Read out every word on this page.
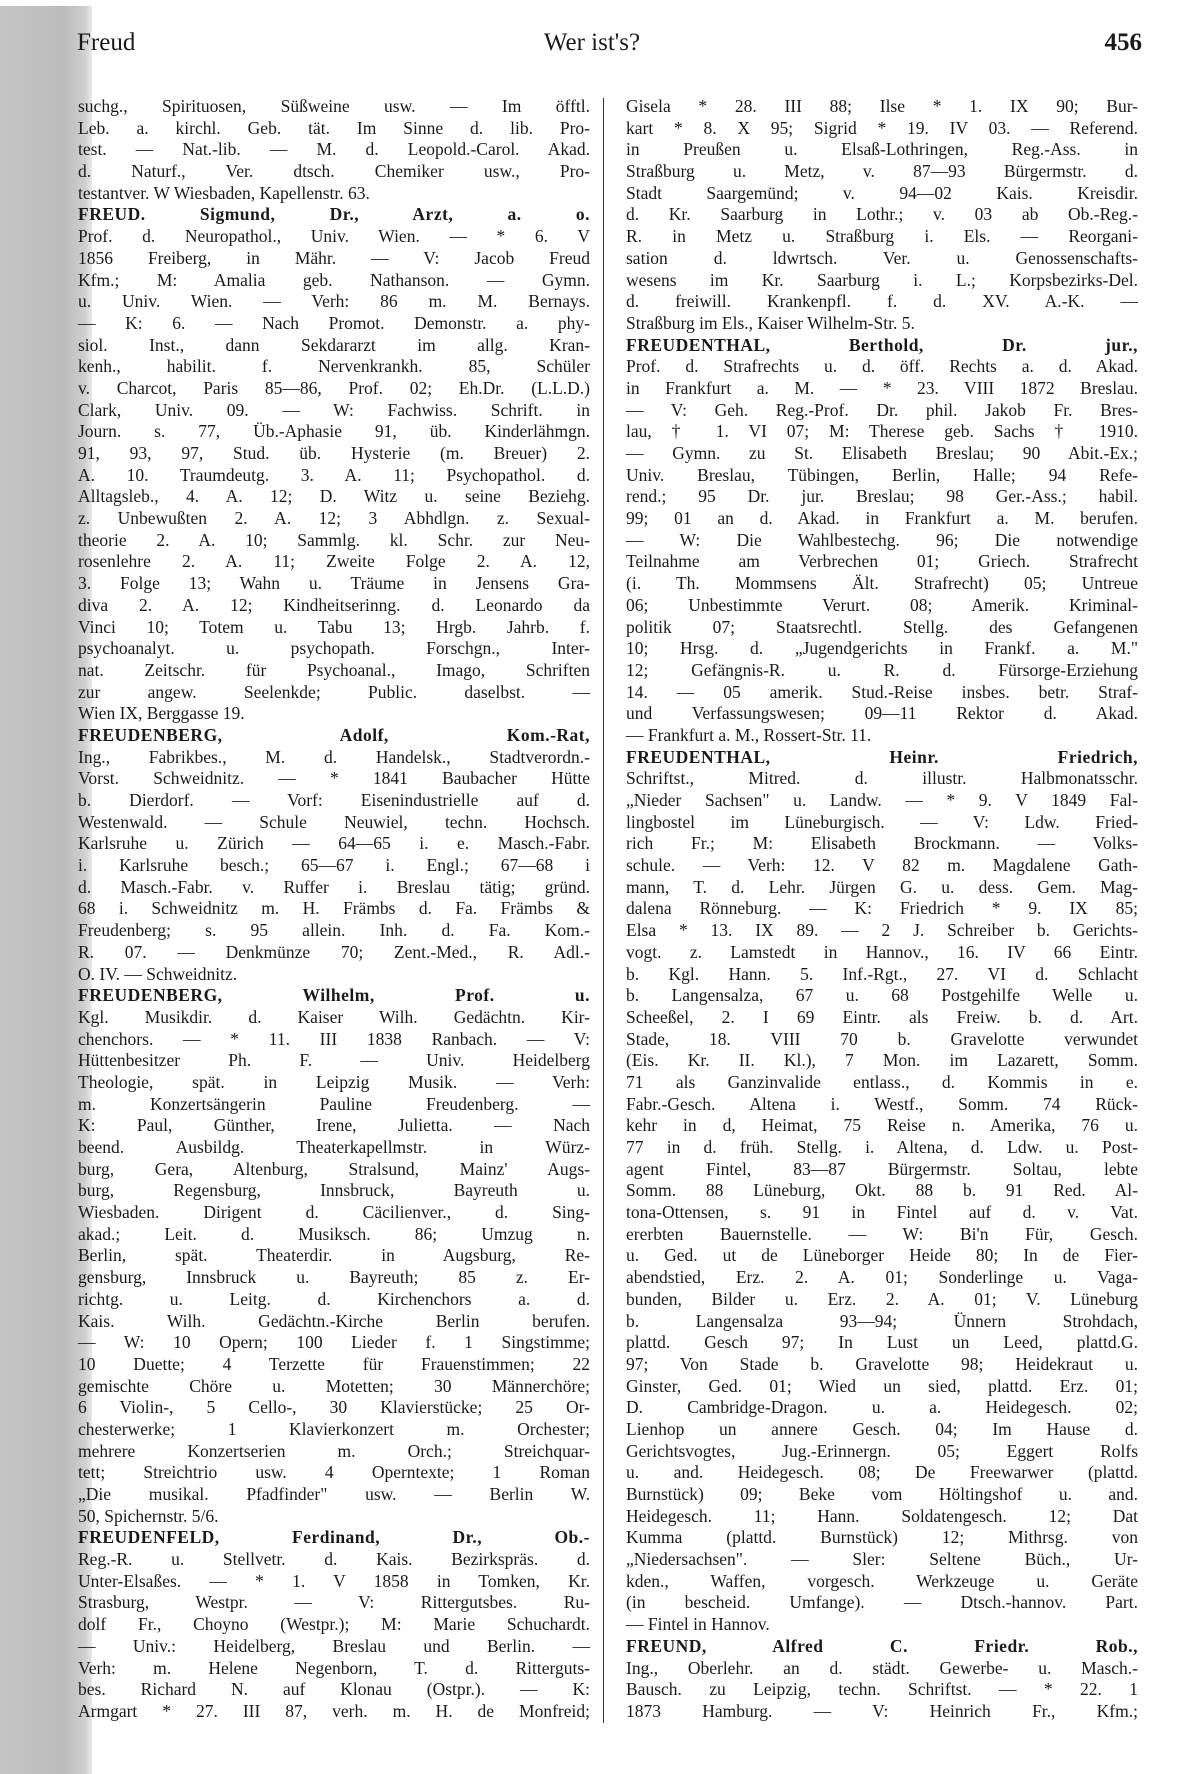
Wer ist's?
Freud	456
suchg., Spirituosen, Süßweine usw. — Im öfftl.
Leb. a. kirchl. Geb. tät. Im Sinne d. lib. Pro-
test. — Nat.-lib. — M. d. Leopold.-Carol. Akad.
d. Naturf., Ver. dtsch. Chemiker usw., Pro-
testantver. W Wiesbaden, Kapellenstr. 63.
FREUD. Sigmund, Dr., Arzt, a. o.
Prof. d. Neuropathol., Univ. Wien. — * 6. V
1856 Freiberg, in Mähr. — V: Jacob Freud
Kfm.; M: Amalia geb. Nathanson. — Gymn.
u. Univ. Wien. — Verh: 86 m. M. Bernays.
— K: 6. — Nach Promot. Demonstr. a. phy-
siol. Inst., dann Sekdararzt im allg. Kran-
kenh., habilit. f. Nervenkrankh. 85, Schüler
v. Charcot, Paris 85—86, Prof. 02; Eh.Dr. (L.L.D.)
Clark, Univ. 09. — W: Fachwiss. Schrift. in
Journ. s. 77, Üb.-Aphasie 91, üb. Kinderlähmgn.
91, 93, 97, Stud. üb. Hysterie (m. Breuer) 2.
A. 10. Traumdeutg. 3. A. 11; Psychopathol. d.
Alltagsleb., 4. A. 12; D. Witz u. seine Beziehg.
z. Unbewußten 2. A. 12; 3 Abhdlgn. z. Sexual-
theorie 2. A. 10; Sammlg. kl. Schr. zur Neu-
rosenlehre 2. A. 11; Zweite Folge 2. A. 12,
3. Folge 13; Wahn u. Träume in Jensens Gra-
diva 2. A. 12; Kindheitserinng. d. Leonardo da
Vinci 10; Totem u. Tabu 13; Hrgb. Jahrb. f.
psychoanalyt. u. psychopath. Forschgn., Inter-
nat. Zeitschr. für Psychoanal., Imago, Schriften
zur angew. Seelenkde; Public. daselbst. —
Wien IX, Berggasse 19.
FREUDENBERG, Adolf, Kom.-Rat,
Ing., Fabrikbes., M. d. Handelsk., Stadtverordn.-
Vorst. Schweidnitz. — * 1841 Baubacher Hütte
b. Dierdorf. — Vorf: Eisenindustrielle auf d.
Westenwald. — Schule Neuwiel, techn. Hochsch.
Karlsruhe u. Zürich — 64—65 i. e. Masch.-Fabr.
i. Karlsruhe besch.; 65—67 i. Engl.; 67—68 i
d. Masch.-Fabr. v. Ruffer i. Breslau tätig; gründ.
68 i. Schweidnitz m. H. Främbs d. Fa. Främbs &
Freudenberg; s. 95 allein. Inh. d. Fa. Kom.-
R. 07. — Denkmünze 70; Zent.-Med., R. Adl.-
O. IV. — Schweidnitz.
FREUDENBERG, Wilhelm, Prof. u.
Kgl. Musikdir. d. Kaiser Wilh. Gedächtn. Kir-
chenchors. — * 11. III 1838 Ranbach. — V:
Hüttenbesitzer Ph. F. — Univ. Heidelberg
Theologie, spät. in Leipzig Musik. — Verh:
m. Konzertsängerin Pauline Freudenberg. —
K: Paul, Günther, Irene, Julietta. — Nach
beend. Ausbildg. Theaterkapellmstr. in Würz-
burg, Gera, Altenburg, Stralsund, Mainz' Augs-
burg, Regensburg, Innsbruck, Bayreuth u.
Wiesbaden. Dirigent d. Cäcilienver., d. Sing-
akad.; Leit. d. Musiksch. 86; Umzug n.
Berlin, spät. Theaterdir. in Augsburg, Re-
gensburg, Innsbruck u. Bayreuth; 85 z. Er-
richtg. u. Leitg. d. Kirchenchors a. d.
Kais. Wilh. Gedächtn.-Kirche Berlin berufen.
— W: 10 Opern; 100 Lieder f. 1 Singstimme;
10 Duette; 4 Terzette für Frauenstimmen; 22
gemischte Chöre u. Motetten; 30 Männerchöre;
6 Violin-, 5 Cello-, 30 Klavierstücke; 25 Or-
chesterwerke; 1 Klavierkonzert m. Orchester;
mehrere Konzertserien m. Orch.; Streichquar-
tett; Streichtrio usw. 4 Operntexte; 1 Roman
„Die musikal. Pfadfinder" usw. — Berlin W.
50, Spichernstr. 5/6.
FREUDENFELD, Ferdinand, Dr., Ob.-
Reg.-R. u. Stellvetr. d. Kais. Bezirkspräs. d.
Unter-Elsaßes. — * 1. V 1858 in Tomken, Kr.
Strasburg, Westpr. — V: Rittergutsbes. Ru-
dolf Fr., Choyno (Westpr.); M: Marie Schuchardt.
— Univ.: Heidelberg, Breslau und Berlin. —
Verh: m. Helene Negenborn, T. d. Ritterguts-
bes. Richard N. auf Klonau (Ostpr.). — K:
Armgart * 27. III 87, verh. m. H. de Monfreid;
Gisela * 28. III 88; Ilse * 1. IX 90; Bur-
kart * 8. X 95; Sigrid * 19. IV 03. — Referend.
in Preußen u. Elsaß-Lothringen, Reg.-Ass. in
Straßburg u. Metz, v. 87—93 Bürgermstr. d.
Stadt Saargemünd; v. 94—02 Kais. Kreisdir.
d. Kr. Saarburg in Lothr.; v. 03 ab Ob.-Reg.-
R. in Metz u. Straßburg i. Els. — Reorgani-
sation d. ldwrtsch. Ver. u. Genossenschafts-
wesens im Kr. Saarburg i. L.; Korpsbezirks-Del.
d. freiwill. Krankenpfl. f. d. XV. A.-K. —
Straßburg im Els., Kaiser Wilhelm-Str. 5.
FREUDENTHAL, Berthold, Dr. jur.,
Prof. d. Strafrechts u. d. öff. Rechts a. d. Akad.
in Frankfurt a. M. — * 23. VIII 1872 Breslau.
— V: Geh. Reg.-Prof. Dr. phil. Jakob Fr. Bres-
lau, † 1. VI 07; M: Therese geb. Sachs † 1910.
— Gymn. zu St. Elisabeth Breslau; 90 Abit.-Ex.;
Univ. Breslau, Tübingen, Berlin, Halle; 94 Refe-
rend.; 95 Dr. jur. Breslau; 98 Ger.-Ass.; habil.
99; 01 an d. Akad. in Frankfurt a. M. berufen.
— W: Die Wahlbestechg. 96; Die notwendige
Teilnahme am Verbrechen 01; Griech. Strafrecht
(i. Th. Mommsens Ält. Strafrecht) 05; Untreue
06; Unbestimmte Verurt. 08; Amerik. Kriminal-
politik 07; Staatsrechtl. Stellg. des Gefangenen
10; Hrsg. d. „Jugendgerichts in Frankf. a. M."
12; Gefängnis-R. u. R. d. Fürsorge-Erziehung
14. — 05 amerik. Stud.-Reise insbes. betr. Straf-
und Verfassungswesen; 09—11 Rektor d. Akad.
— Frankfurt a. M., Rossert-Str. 11.
FREUDENTHAL, Heinr. Friedrich,
Schriftst., Mitred. d. illustr. Halbmonatsschr.
„Nieder Sachsen" u. Landw. — * 9. V 1849 Fal-
lingbostel im Lüneburgisch. — V: Ldw. Fried-
rich Fr.; M: Elisabeth Brockmann. — Volks-
schule. — Verh: 12. V 82 m. Magdalene Gath-
mann, T. d. Lehr. Jürgen G. u. dess. Gem. Mag-
dalena Rönneburg. — K: Friedrich * 9. IX 85;
Elsa * 13. IX 89. — 2 J. Schreiber b. Gerichts-
vogt. z. Lamstedt in Hannov., 16. IV 66 Eintr.
b. Kgl. Hann. 5. Inf.-Rgt., 27. VI d. Schlacht
b. Langensalza, 67 u. 68 Postgehilfe Welle u.
Scheeßel, 2. I 69 Eintr. als Freiw. b. d. Art.
Stade, 18. VIII 70 b. Gravelotte verwundet
(Eis. Kr. II. Kl.), 7 Mon. im Lazarett, Somm.
71 als Ganzinvalide entlass., d. Kommis in e.
Fabr.-Gesch. Altena i. Westf., Somm. 74 Rück-
kehr in d, Heimat, 75 Reise n. Amerika, 76 u.
77 in d. früh. Stellg. i. Altena, d. Ldw. u. Post-
agent Fintel, 83—87 Bürgermstr. Soltau, lebte
Somm. 88 Lüneburg, Okt. 88 b. 91 Red. Al-
tona-Ottensen, s. 91 in Fintel auf d. v. Vat.
ererbten Bauernstelle. — W: Bi'n Für, Gesch.
u. Ged. ut de Lüneborger Heide 80; In de Fier-
abendstied, Erz. 2. A. 01; Sonderlinge u. Vaga-
bunden, Bilder u. Erz. 2. A. 01; V. Lüneburg
b. Langensalza 93—94; Ünnern Strohdach,
plattd. Gesch 97; In Lust un Leed, plattd.G.
97; Von Stade b. Gravelotte 98; Heidekraut u.
Ginster, Ged. 01; Wied un sied, plattd. Erz. 01;
D. Cambridge-Dragon. u. a. Heidegesch. 02;
Lienhop un annere Gesch. 04; Im Hause d.
Gerichtsvogtes, Jug.-Erinnergn. 05; Eggert Rolfs
u. and. Heidegesch. 08; De Freewarwer (plattd.
Burnstück) 09; Beke vom Höltingshof u. and.
Heidegesch. 11; Hann. Soldatengesch. 12; Dat
Kumma (plattd. Burnstück) 12; Mithrsg. von
„Niedersachsen". — Sler: Seltene Büch., Ur-
kden., Waffen, vorgesch. Werkzeuge u. Geräte
(in bescheid. Umfange). — Dtsch.-hannov. Part.
— Fintel in Hannov.
FREUND, Alfred C. Friedr. Rob.,
Ing., Oberlehr. an d. städt. Gewerbe- u. Masch.-
Bausch. zu Leipzig, techn. Schriftst. — * 22. 1
1873 Hamburg. — V: Heinrich Fr., Kfm.;
